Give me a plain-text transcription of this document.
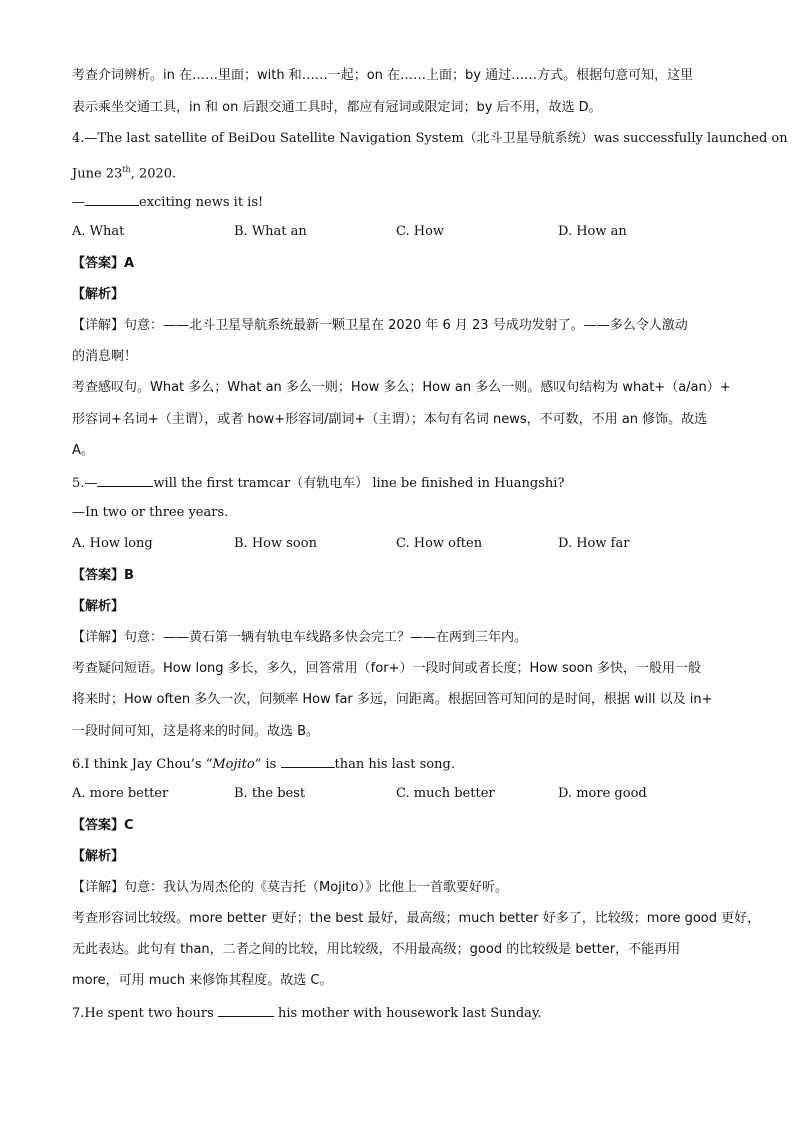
考查介词辨析。in 在……里面；with 和……一起；on 在……上面；by 通过……方式。根据句意可知，这里
表示乘坐交通工具，in 和 on 后跟交通工具时，都应有冠词或限定词；by 后不用，故选 D。
4.—The last satellite of BeiDou Satellite Navigation System（北斗卫星导航系统）was successfully launched on
June 23th, 2020.
—	exciting news it is!
A. What	B. What an	C. How	D. How an
【答案】A
【解析】
【详解】句意：——北斗卫星导航系统最新一颗卫星在 2020 年 6 月 23 号成功发射了。——多么令人激动
的消息啊！
考查感叹句。What 多么；What an 多么一则；How 多么；How an 多么一则。感叹句结构为 what+（a/an）+
形容词+名词+（主谓），或者 how+形容词/副词+（主谓）；本句有名词 news，不可数，不用 an 修饰。故选
A。
5.—	will the first tramcar（有轨电车） line be finished in Huangshi?
—In two or three years.
A. How long	B. How soon	C. How often	D. How far
【答案】B
【解析】
【详解】句意：——黄石第一辆有轨电车线路多快会完工？——在两到三年内。
考查疑问短语。How long 多长，多久，回答常用（for+）一段时间或者长度；How soon 多快，一般用一般
将来时；How often 多久一次，问频率 How far 多远，问距离。根据回答可知问的是时间，根据 will 以及 in+
一段时间可知，这是将来的时间。故选 B。
6.I think Jay Chou’s “Mojito” is	than his last song.
A. more better	B. the best	C. much better	D. more good
【答案】C
【解析】
【详解】句意：我认为周杰伦的《莫吉托（Mojito）》比他上一首歌要好听。
考查形容词比较级。more better 更好；the best 最好，最高级；much better 好多了，比较级；more good 更好，
无此表达。此句有 than，二者之间的比较，用比较级，不用最高级；good 的比较级是 better，不能再用
more，可用 much 来修饰其程度。故选 C。
7.He spent two hours	his mother with housework last Sunday.
